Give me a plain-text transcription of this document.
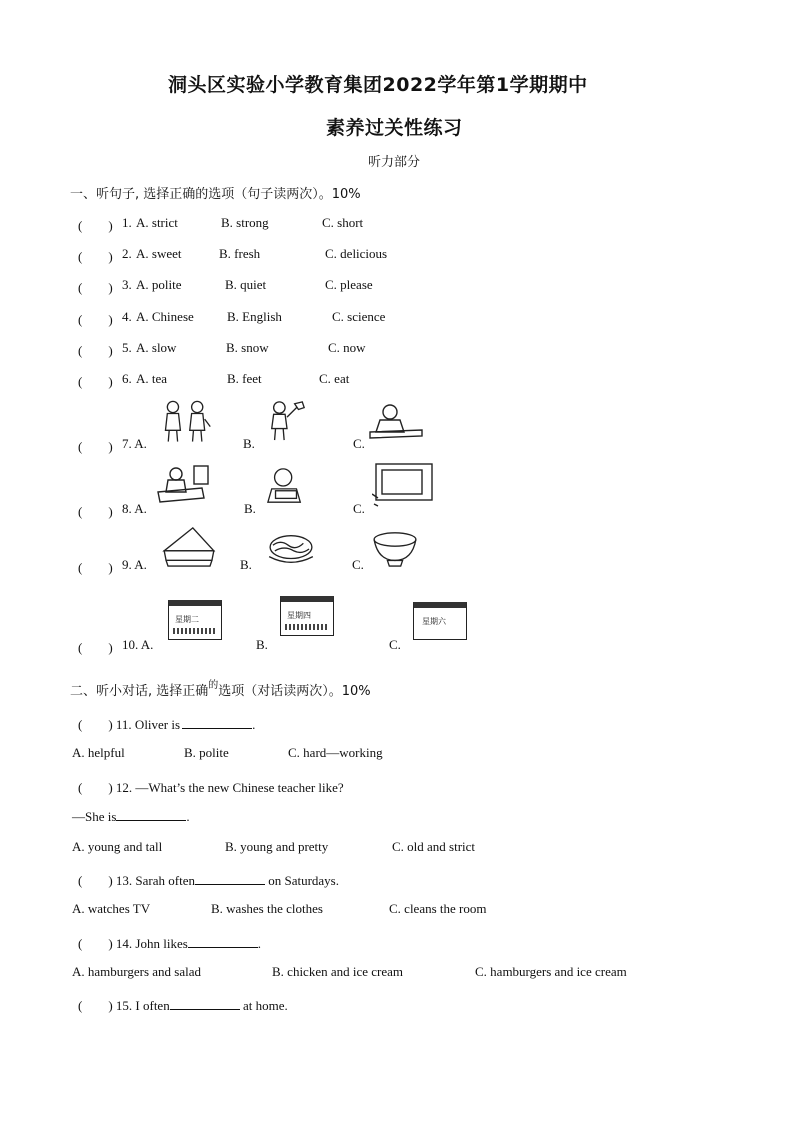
洞头区实验小学教育集团2022学年第1学期期中
素养过关性练习
听力部分
一、听句子, 选择正确的选项（句子读两次）。10%
(　　) 1. A. strict	B. strong	C. short
(　　) 2. A. sweet	B. fresh	C. delicious
(　　) 3. A. polite	B. quiet	C. please
(　　) 4. A. Chinese	B. English	C. science
(　　) 5. A. slow	B. snow	C. now
(　　) 6. A. tea	B. feet	C. eat
(　　) 7. A.	B.	C.
(　　) 8. A.	B.	C.
(　　) 9. A.	B.	C.
(　　) 10. A.	B.	C.
星期二	星期四
星期六
二、听小对话, 选择正确$^的$选项（对话读两次）。10%
(　　) 11. Oliver is	.
A. helpful	B. polite	C. hard—working
(　　) 12. —What’s the new Chinese teacher like?
—She is	.
A. young and tall	B. young and pretty	C. old and strict
(　　) 13. Sarah often	on Saturdays.
A. watches TV	B. washes the clothes	C. cleans the room
(　　) 14. John likes	.
A. hamburgers and salad	B. chicken and ice cream	C. hamburgers and ice cream
(　　) 15. I often	at home.
